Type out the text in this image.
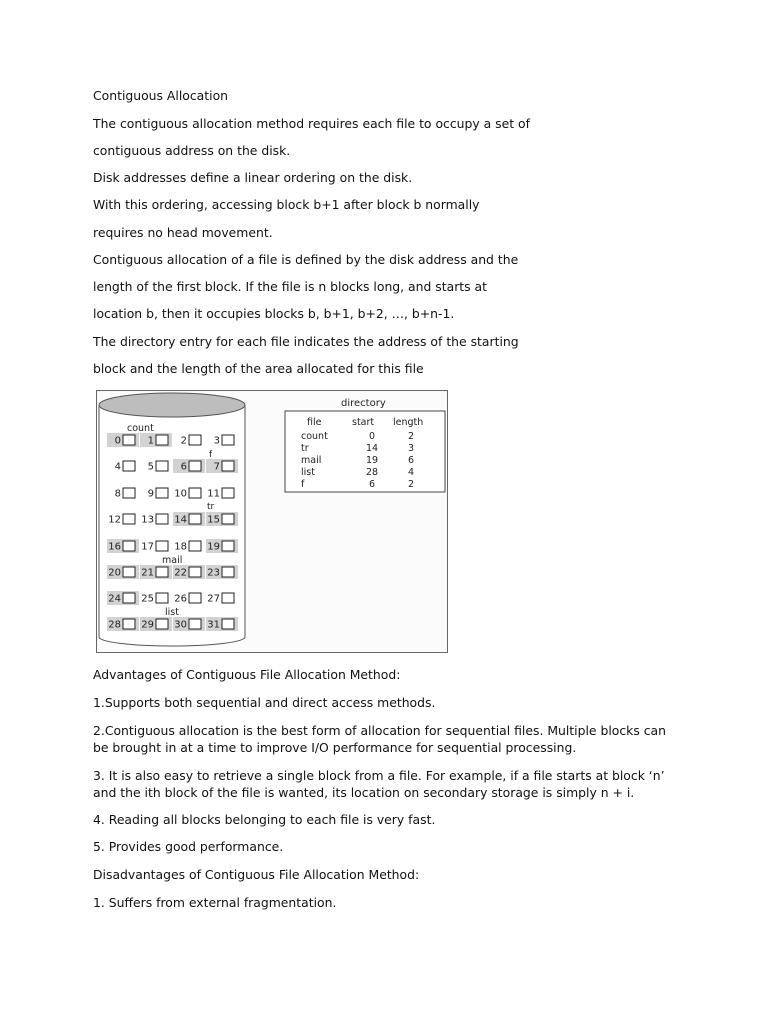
Contiguous Allocation
The contiguous allocation method requires each file to occupy a set of
contiguous address on the disk.
Disk addresses define a linear ordering on the disk.
With this ordering, accessing block b+1 after block b normally
requires no head movement.
Contiguous allocation of a file is defined by the disk address and the
length of the first block. If the file is n blocks long, and starts at
location b, then it occupies blocks b, b+1, b+2, …, b+n-1.
The directory entry for each file indicates the address of the starting
block and the length of the area allocated for this file
0	1	2	3
4	5	6	7
8	9 10 11
12 13 14 15
16 17 18 19
20 21 22 23
24 25 26 27
28 29 30 31
count
f
tr
mail
list
directory
file	start length
count	0	2
tr	14	3
mail	19	6
list	28	4
f	6	2
Advantages of Contiguous File Allocation Method:
1.Supports both sequential and direct access methods.
2.Contiguous allocation is the best form of allocation for sequential files. Multiple blocks can be brought in at a time to improve I/O performance for sequential processing.
3. It is also easy to retrieve a single block from a file. For example, if a file starts at block ‘n’ and the ith block of the file is wanted, its location on secondary storage is simply n + i.
4. Reading all blocks belonging to each file is very fast.
5. Provides good performance.
Disadvantages of Contiguous File Allocation Method:
1. Suffers from external fragmentation.
